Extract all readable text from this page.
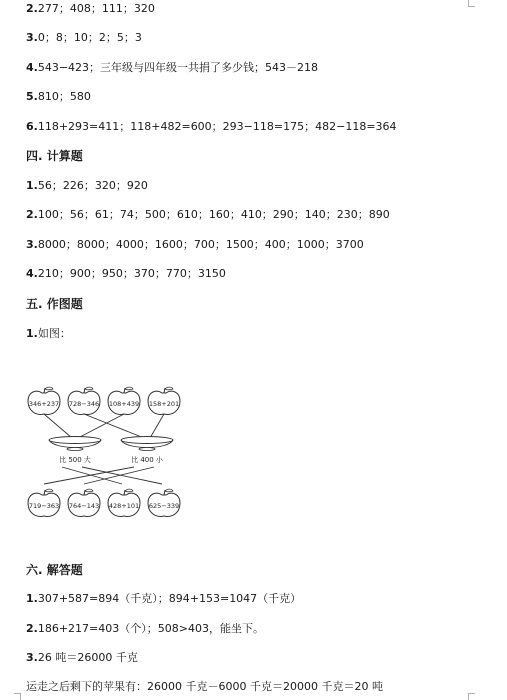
2.277；408；111；320
3.0；8；10；2；5；3
4.543−423；三年级与四年级一共捐了多少钱；543－218
5.810；580
6.118+293=411；118+482=600；293−118=175；482−118=364
四. 计算题
1.56；226；320；920
2.100；56；61；74；500；610；160；410；290；140；230；890
3.8000；8000；4000；1600；700；1500；400；1000；3700
4.210；900；950；370；770；3150
五. 作图题
1.如图：
346+237 728−346 108+439 158+201
比 500 大	比 400 小
719−363 764−143 428+101 625−339
六. 解答题
1.307+587=894（千克）；894+153=1047（千克）
2.186+217=403（个）；508>403，能坐下。
3.26 吨＝26000 千克
运走之后剩下的苹果有：26000 千克－6000 千克＝20000 千克＝20 吨
